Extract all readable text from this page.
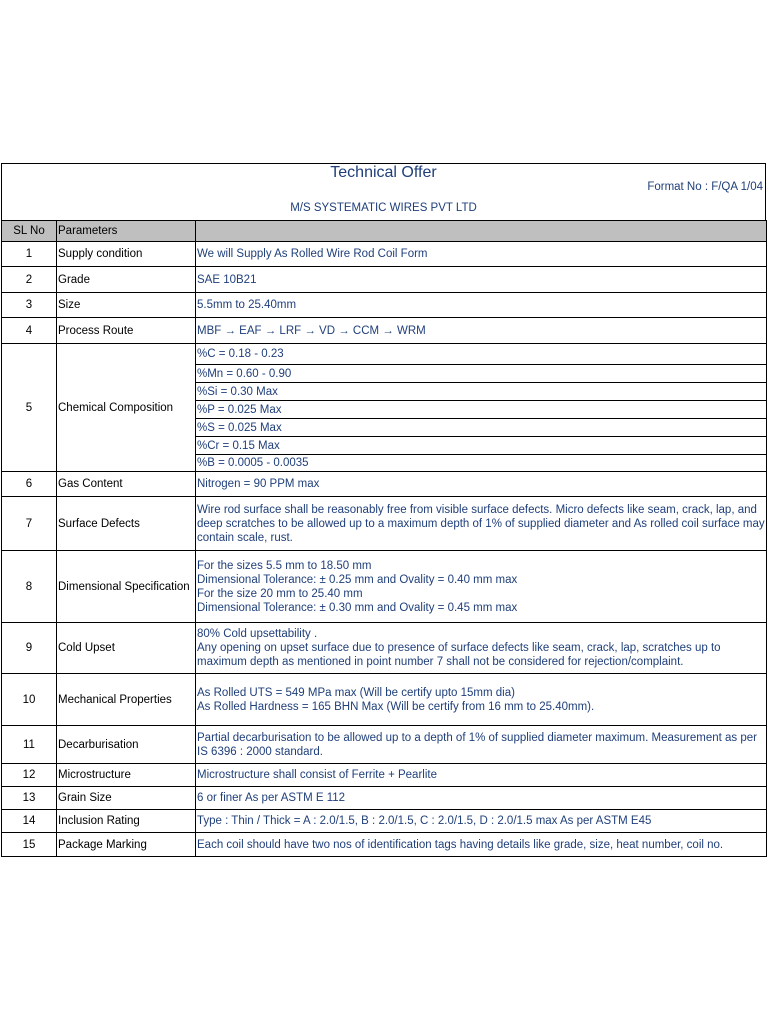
Technical Offer
Format No : F/QA 1/04
M/S SYSTEMATIC WIRES PVT LTD
SL No	Parameters	
1	Supply condition	We will Supply As Rolled Wire Rod Coil Form
2	Grade	SAE 10B21
3	Size	5.5mm to 25.40mm
4	Process Route	MBF → EAF → LRF → VD → CCM → WRM
5	Chemical Composition	%C = 0.18 - 0.23
		%Mn = 0.60 - 0.90
		%Si = 0.30 Max
		%P = 0.025 Max
		%S = 0.025 Max
		%Cr = 0.15 Max
		%B = 0.0005 - 0.0035
6	Gas Content	Nitrogen = 90 PPM max
7	Surface Defects	Wire rod surface shall be reasonably free from visible surface defects. Micro defects like seam, crack, lap, and deep scratches to be allowed up to a maximum depth of 1% of supplied diameter and As rolled coil surface may contain scale, rust.
8	Dimensional Specification	For the sizes 5.5 mm to 18.50 mm
Dimensional Tolerance: ± 0.25 mm and Ovality = 0.40 mm max
For the size 20 mm to 25.40 mm
Dimensional Tolerance: ± 0.30 mm and Ovality = 0.45 mm max

9	Cold Upset	80% Cold upsettability .
Any opening on upset surface due to presence of surface defects like seam, crack, lap, scratches up to maximum depth as mentioned in point number 7 shall not be considered for rejection/complaint.

10	Mechanical Properties	As Rolled UTS = 549 MPa max (Will be certify upto 15mm dia)
As Rolled Hardness = 165 BHN Max (Will be certify from 16 mm to 25.40mm).

11	Decarburisation	Partial decarburisation to be allowed up to a depth of 1% of supplied diameter maximum. Measurement as per IS 6396 : 2000 standard.
12	Microstructure	Microstructure shall consist of Ferrite + Pearlite
13	Grain Size	6 or finer As per ASTM E 112
14	Inclusion Rating	Type : Thin / Thick = A : 2.0/1.5, B : 2.0/1.5, C : 2.0/1.5, D : 2.0/1.5 max As per ASTM E45
15	Package Marking	Each coil should have two nos of identification tags having details like grade, size, heat number, coil no.
